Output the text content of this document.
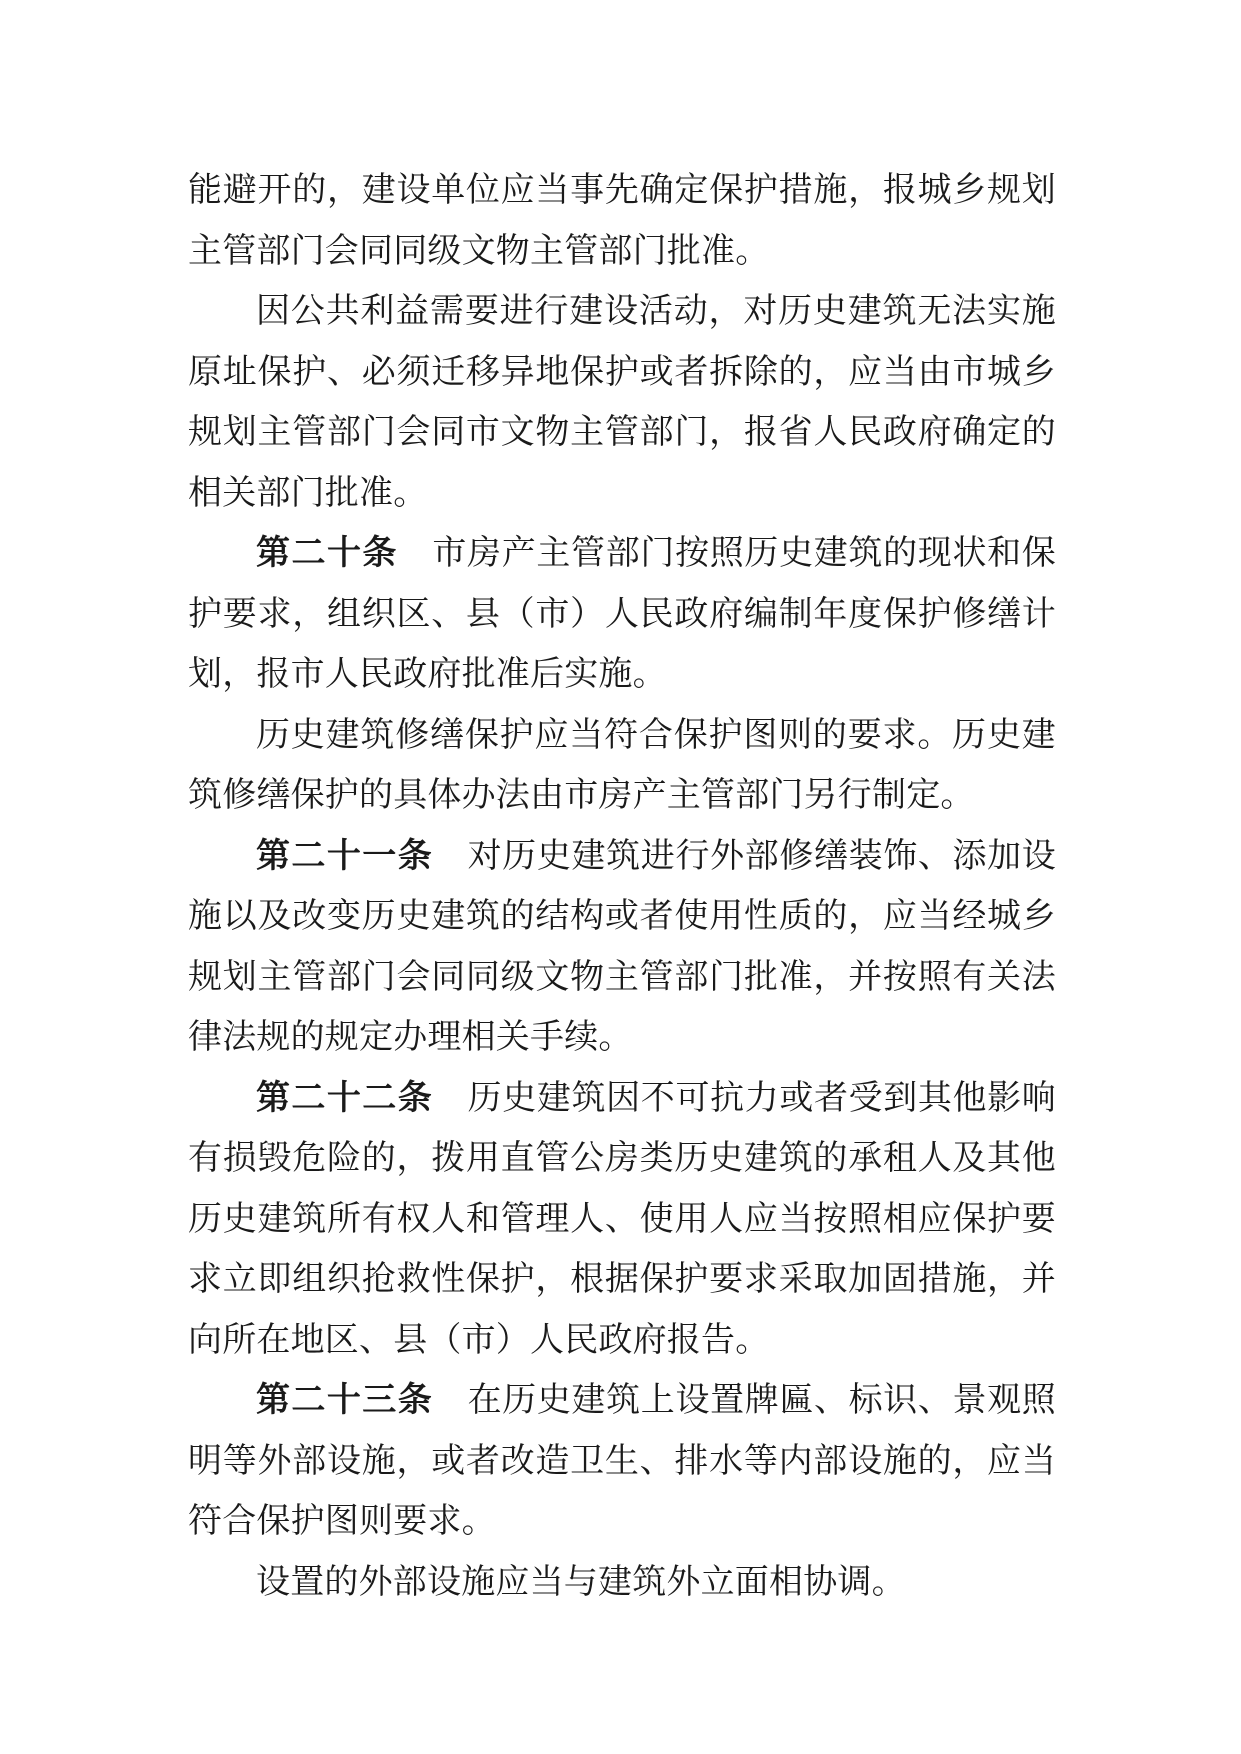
能避开的，建设单位应当事先确定保护措施，报城乡规划主管部门会同同级文物主管部门批准。

因公共利益需要进行建设活动，对历史建筑无法实施原址保护、必须迁移异地保护或者拆除的，应当由市城乡规划主管部门会同市文物主管部门，报省人民政府确定的相关部门批准。

第二十条 市房产主管部门按照历史建筑的现状和保护要求，组织区、县（市）人民政府编制年度保护修缮计划，报市人民政府批准后实施。

历史建筑修缮保护应当符合保护图则的要求。历史建筑修缮保护的具体办法由市房产主管部门另行制定。

第二十一条 对历史建筑进行外部修缮装饰、添加设施以及改变历史建筑的结构或者使用性质的，应当经城乡规划主管部门会同同级文物主管部门批准，并按照有关法律法规的规定办理相关手续。

第二十二条 历史建筑因不可抗力或者受到其他影响有损毁危险的，拨用直管公房类历史建筑的承租人及其他历史建筑所有权人和管理人、使用人应当按照相应保护要求立即组织抢救性保护，根据保护要求采取加固措施，并向所在地区、县（市）人民政府报告。

第二十三条 在历史建筑上设置牌匾、标识、景观照明等外部设施，或者改造卫生、排水等内部设施的，应当符合保护图则要求。

设置的外部设施应当与建筑外立面相协调。
